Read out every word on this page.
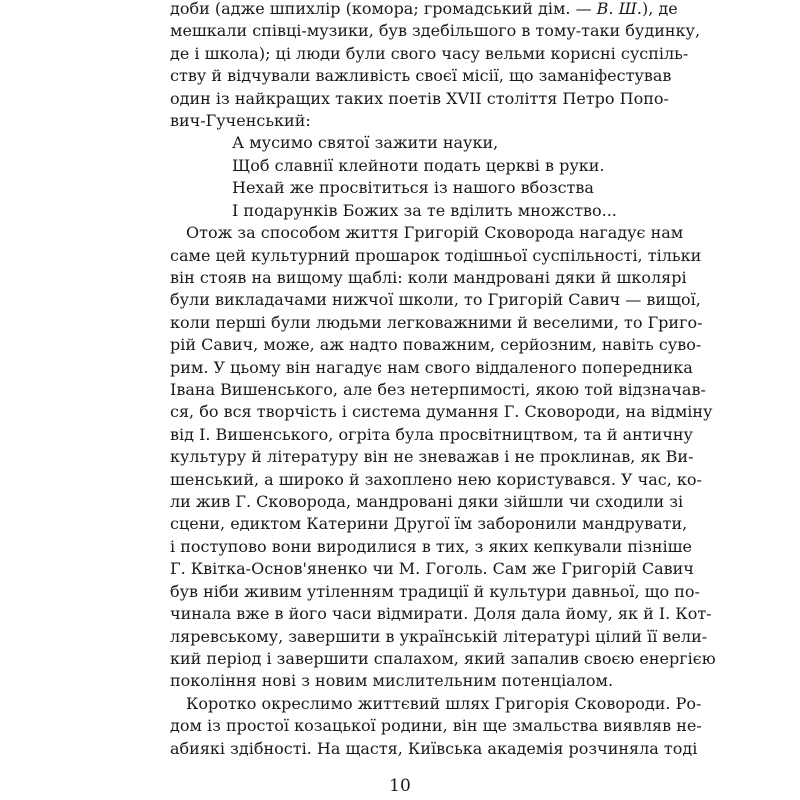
доби (адже шпихлір (комора; громадський дім. — В. Ш.), де
мешкали співці-музики, був здебільшого в тому-таки будинку,
де і школа); ці люди були свого часу вельми корисні суспіль-
ству й відчували важливість своєї місії, що заманіфестував
один із найкращих таких поетів XVII століття Петро Попо-
вич-Гученський:
А мусимо святої зажити науки,
Щоб славнії клейноти подать церкві в руки.
Нехай же просвітиться із нашого вбозства
І подарунків Божих за те вділить множство...
Отож за способом життя Григорій Сковорода нагадує нам
саме цей культурний прошарок тодішньої суспільності, тільки
він стояв на вищому щаблі: коли мандровані дяки й школярі
були викладачами нижчої школи, то Григорій Савич — вищої,
коли перші були людьми легковажними й веселими, то Григо-
рій Савич, може, аж надто поважним, серйозним, навіть суво-
рим. У цьому він нагадує нам свого віддаленого попередника
Івана Вишенського, але без нетерпимості, якою той відзначав-
ся, бо вся творчість і система думання Г. Сковороди, на відміну
від І. Вишенського, огріта була просвітництвом, та й античну
культуру й літературу він не зневажав і не проклинав, як Ви-
шенський, а широко й захоплено нею користувався. У час, ко-
ли жив Г. Сковорода, мандровані дяки зійшли чи сходили зі
сцени, едиктом Катерини Другої їм заборонили мандрувати,
і поступово вони виродилися в тих, з яких кепкували пізніше
Г. Квітка-Основ'яненко чи М. Гоголь. Сам же Григорій Савич
був ніби живим утіленням традиції й культури давньої, що по-
чинала вже в його часи відмирати. Доля дала йому, як й І. Кот-
ляревському, завершити в українській літературі цілий її вели-
кий період і завершити спалахом, який запалив своєю енергією
покоління нові з новим мислительним потенціалом.
Коротко окреслимо життєвий шлях Григорія Сковороди. Ро-
дом із простої козацької родини, він ще змальства виявляв не-
абиякі здібності. На щастя, Київська академія розчиняла тоді
10
